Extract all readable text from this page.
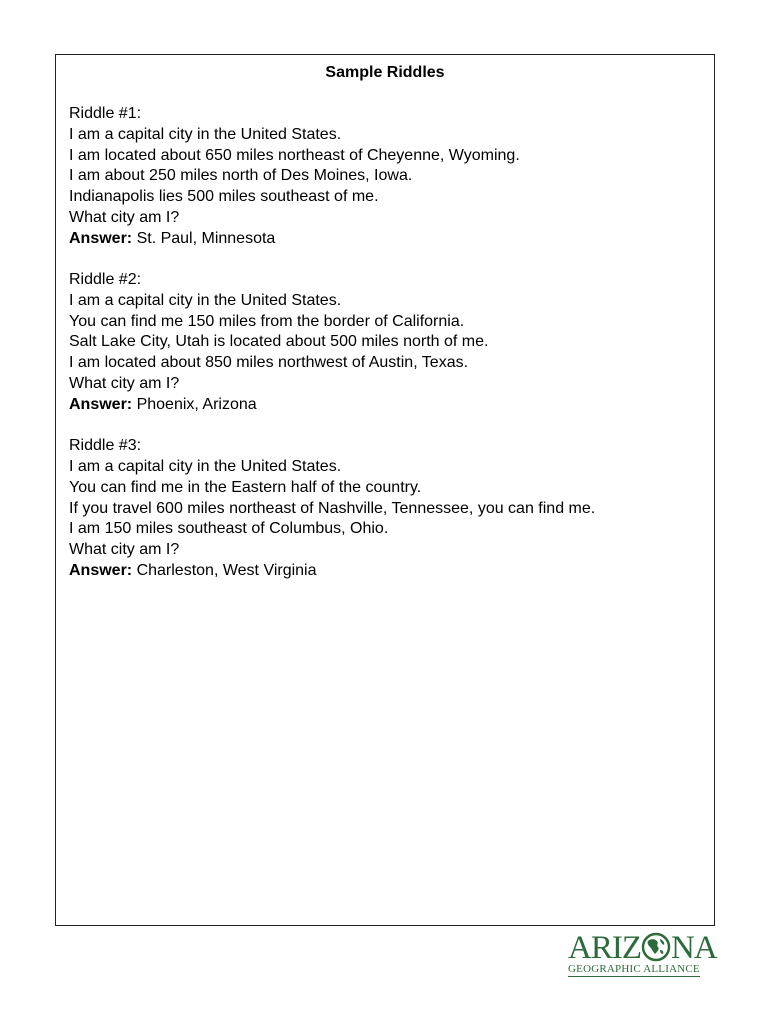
Sample Riddles
Riddle #1:
I am a capital city in the United States.
I am located about 650 miles northeast of Cheyenne, Wyoming.
I am about 250 miles north of Des Moines, Iowa.
Indianapolis lies 500 miles southeast of me.
What city am I?
Answer: St. Paul, Minnesota
Riddle #2:
I am a capital city in the United States.
You can find me 150 miles from the border of California.
Salt Lake City, Utah is located about 500 miles north of me.
I am located about 850 miles northwest of Austin, Texas.
What city am I?
Answer: Phoenix, Arizona
Riddle #3:
I am a capital city in the United States.
You can find me in the Eastern half of the country.
If you travel 600 miles northeast of Nashville, Tennessee, you can find me.
I am 150 miles southeast of Columbus, Ohio.
What city am I?
Answer: Charleston, West Virginia
ARIZ NA
GEOGRAPHIC ALLIANCE
